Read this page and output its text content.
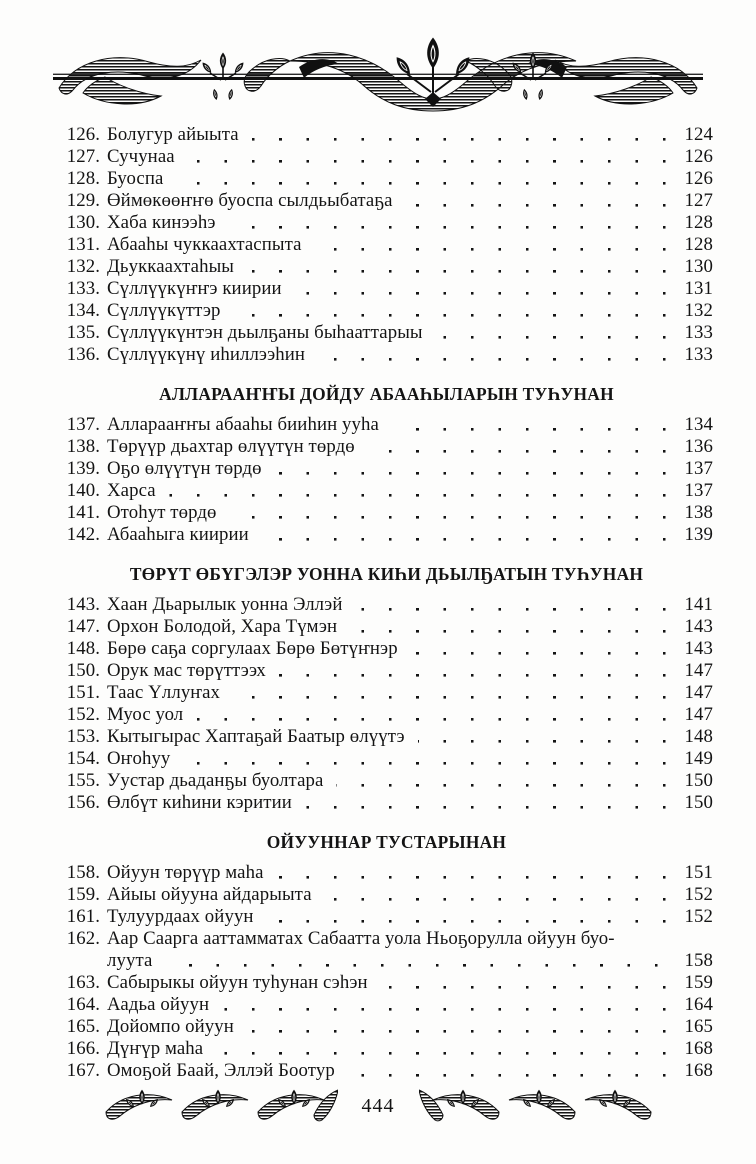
126. Болугур айыыта	124
127. Сучунаа	126
128. Буоспа	126
129. Өймөкөөҥҥө буоспа сылдьыбатаҕа	127
130. Хаба кинээһэ	128
131. Абааһы чуккаахтаспыта	128
132. Дьуккаахтаһыы	130
133. Сүллүүкүҥҥэ киирии	131
134. Сүллүүкүттэр	132
135. Сүллүүкүнтэн дьылҕаны быһааттарыы	133
136. Сүллүүкүнү иһиллээһин	133
АЛЛАРААҤҤЫ ДОЙДУ АБААҺЫЛАРЫН ТУҺУНАН
137. Алларааҥҥы абааһы бииһин ууһа	134
138. Төрүүр дьахтар өлүүтүн төрдө	136
139. Оҕо өлүүтүн төрдө	137
140. Харса	137
141. Отоһут төрдө	138
142. Абааһыга киирии	139
ТӨРҮТ ӨБҮГЭЛЭР УОННА КИҺИ ДЬЫЛҔАТЫН ТУҺУНАН
143. Хаан Дьарылык уонна Эллэй	141
147. Орхон Болодой, Хара Түмэн	143
148. Бөрө саҕа соргулаах Бөрө Бөтүҥнэр	143
150. Орук мас төрүттээх	147
151. Таас Үллуҥах	147
152. Муос уол	147
153. Кытыгырас Хаптаҕай Баатыр өлүүтэ	148
154. Оҥоһуу	149
155. Уустар дьаданҕы буолтара	150
156. Өлбүт киһини кэритии	150
ОЙУУННАР ТУСТАРЫНАН
158. Ойуун төрүүр маһа	151
159. Айыы ойууна айдарыыта	152
161. Тулуурдаах ойуун	152
162. Аар Саарга ааттамматах Сабаатта уола Ньоҕорулла ойуун буо-
луута	158
163. Сабырыкы ойуун туһунан сэһэн	159
164. Аадьа ойуун	164
165. Дойомпо ойуун	165
166. Дүҥүр маһа	168
167. Омоҕой Баай, Эллэй Боотур	168
444
